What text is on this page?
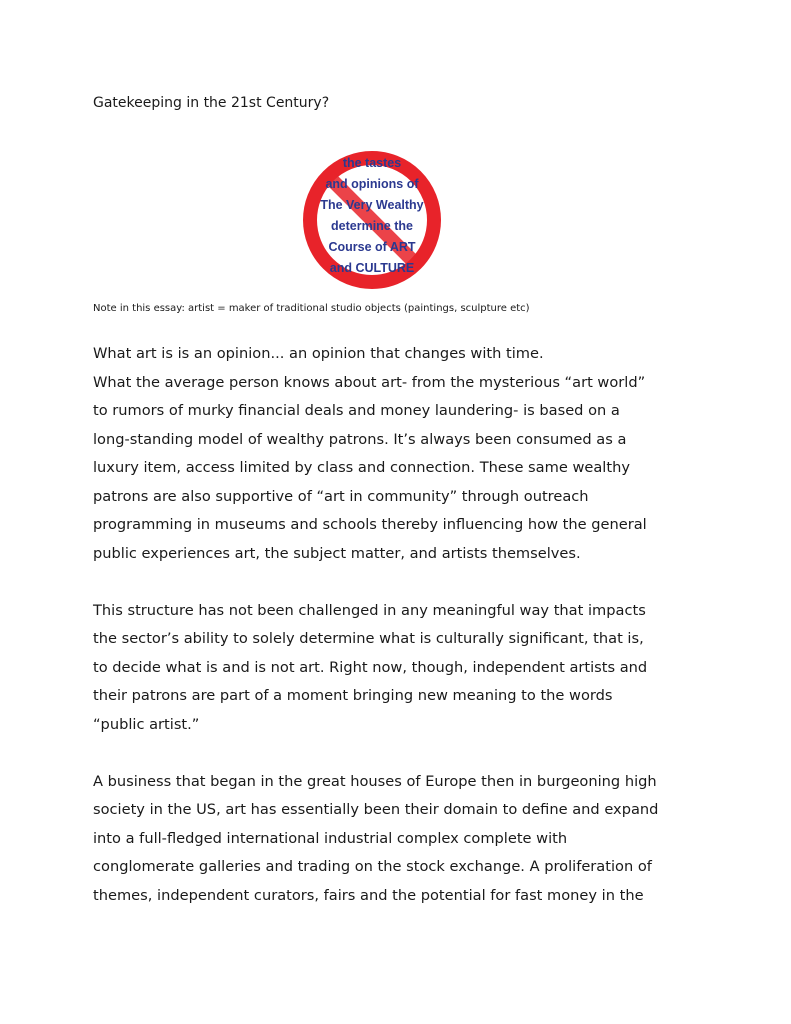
Gatekeeping in the 21st Century?
the tastes
and opinions of
The Very Wealthy
determine the
Course of ART
and CULTURE

Note in this essay: artist = maker of traditional studio objects (paintings, sculpture etc)

What art is is an opinion... an opinion that changes with time.
What the average person knows about art- from the mysterious “art world”
to rumors of murky financial deals and money laundering- is based on a
long-standing model of wealthy patrons. It’s always been consumed as a
luxury item, access limited by class and connection. These same wealthy
patrons are also supportive of “art in community” through outreach
programming in museums and schools thereby influencing how the general
public experiences art, the subject matter, and artists themselves.

This structure has not been challenged in any meaningful way that impacts
the sector’s ability to solely determine what is culturally significant, that is,
to decide what is and is not art. Right now, though, independent artists and
their patrons are part of a moment bringing new meaning to the words
“public artist.”

A business that began in the great houses of Europe then in burgeoning high
society in the US, art has essentially been their domain to define and expand
into a full-fledged international industrial complex complete with
conglomerate galleries and trading on the stock exchange. A proliferation of
themes, independent curators, fairs and the potential for fast money in the
